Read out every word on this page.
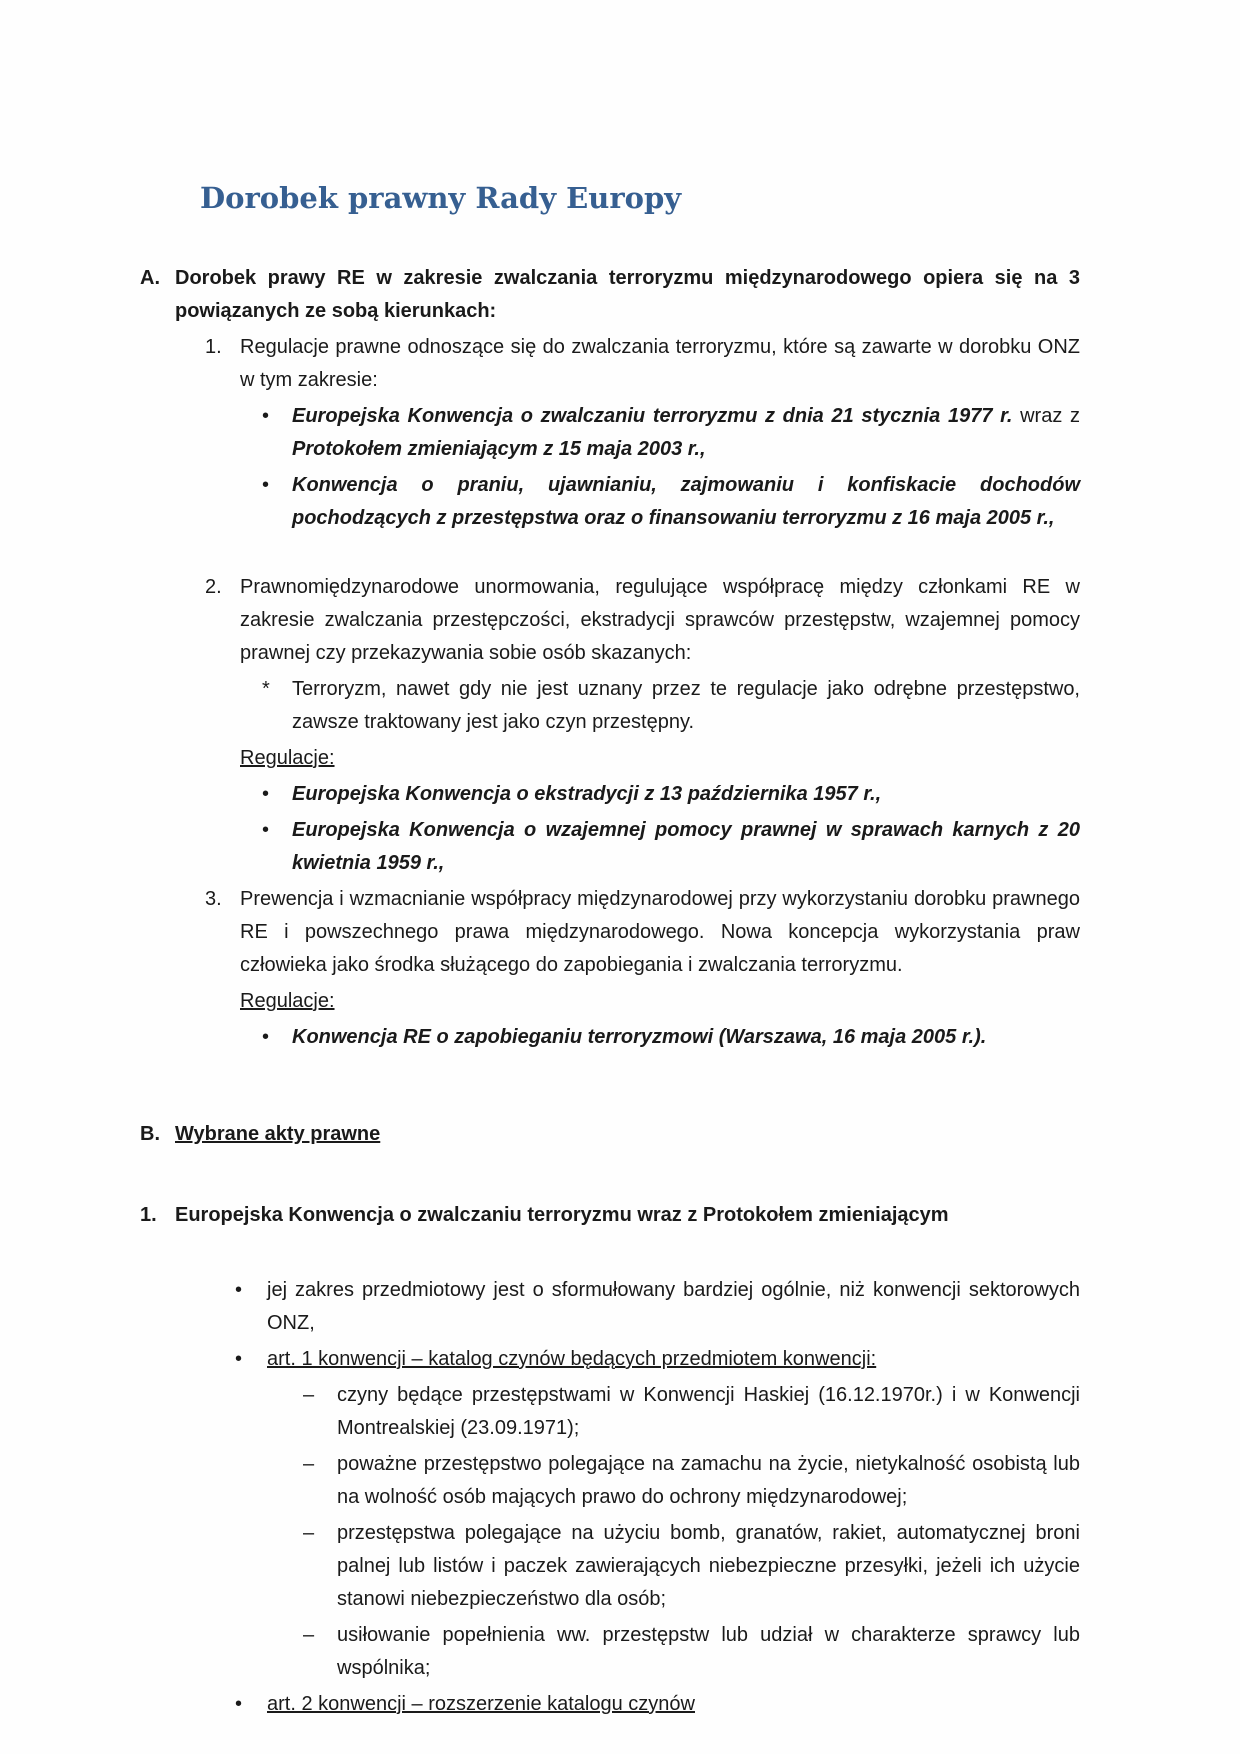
Dorobek prawny Rady Europy
A. Dorobek prawy RE w zakresie zwalczania terroryzmu międzynarodowego opiera się na 3 powiązanych ze sobą kierunkach:
1. Regulacje prawne odnoszące się do zwalczania terroryzmu, które są zawarte w dorobku ONZ w tym zakresie:
• Europejska Konwencja o zwalczaniu terroryzmu z dnia 21 stycznia 1977 r. wraz z Protokołem zmieniającym z 15 maja 2003 r.,
• Konwencja o praniu, ujawnianiu, zajmowaniu i konfiskacie dochodów pochodzących z przestępstwa oraz o finansowaniu terroryzmu z 16 maja 2005 r.,
2. Prawnomiędzynarodowe unormowania, regulujące współpracę między członkami RE w zakresie zwalczania przestępczości, ekstradycji sprawców przestępstw, wzajemnej pomocy prawnej czy przekazywania sobie osób skazanych:
* Terroryzm, nawet gdy nie jest uznany przez te regulacje jako odrębne przestępstwo, zawsze traktowany jest jako czyn przestępny.
Regulacje:
• Europejska Konwencja o ekstradycji z 13 października 1957 r.,
• Europejska Konwencja o wzajemnej pomocy prawnej w sprawach karnych z 20 kwietnia 1959 r.,
3. Prewencja i wzmacnianie współpracy międzynarodowej przy wykorzystaniu dorobku prawnego RE i powszechnego prawa międzynarodowego. Nowa koncepcja wykorzystania praw człowieka jako środka służącego do zapobiegania i zwalczania terroryzmu.
Regulacje:
• Konwencja RE o zapobieganiu terroryzmowi (Warszawa, 16 maja 2005 r.).
B. Wybrane akty prawne
1. Europejska Konwencja o zwalczaniu terroryzmu wraz z Protokołem zmieniającym
• jej zakres przedmiotowy jest o sformułowany bardziej ogólnie, niż konwencji sektorowych ONZ,
• art. 1 konwencji – katalog czynów będących przedmiotem konwencji:
– czyny będące przestępstwami w Konwencji Haskiej (16.12.1970r.) i w Konwencji Montrealskiej (23.09.1971);
– poważne przestępstwo polegające na zamachu na życie, nietykalność osobistą lub na wolność osób mających prawo do ochrony międzynarodowej;
– przestępstwa polegające na użyciu bomb, granatów, rakiet, automatycznej broni palnej lub listów i paczek zawierających niebezpieczne przesyłki, jeżeli ich użycie stanowi niebezpieczeństwo dla osób;
– usiłowanie popełnienia ww. przestępstw lub udział w charakterze sprawcy lub wspólnika;
• art. 2 konwencji – rozszerzenie katalogu czynów
